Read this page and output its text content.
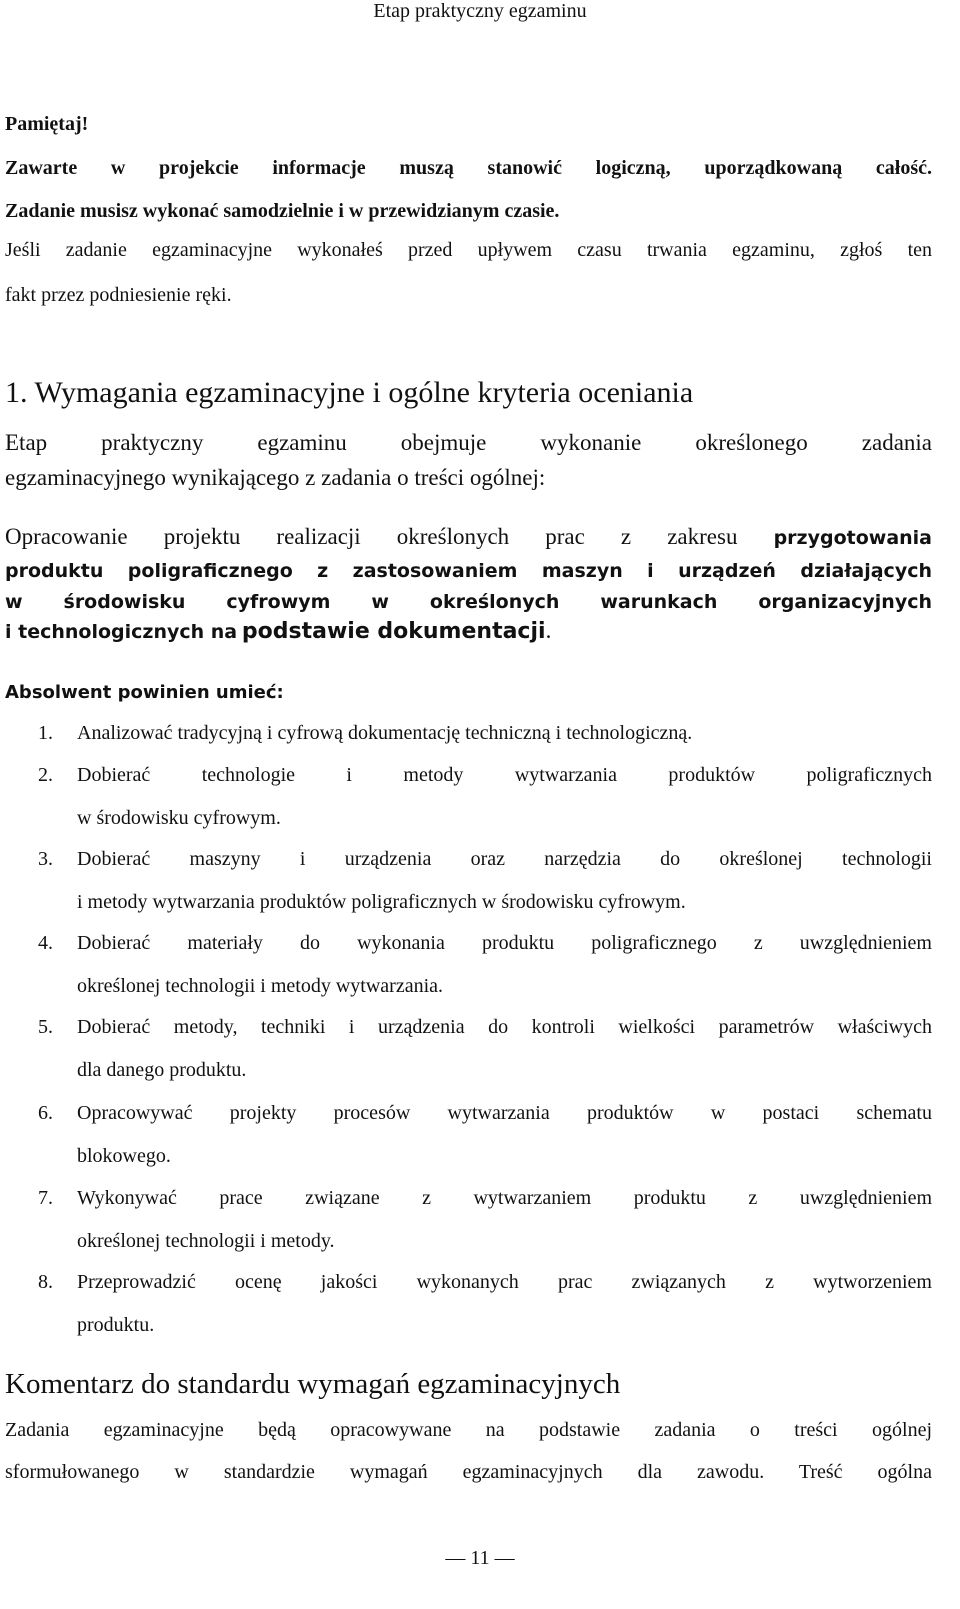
Etap praktyczny egzaminu
Pamiętaj!
Zawarte w projekcie informacje muszą stanowić logiczną, uporządkowaną całość.
Zadanie musisz wykonać samodzielnie i w przewidzianym czasie.
Jeśli zadanie egzaminacyjne wykonałeś przed upływem czasu trwania egzaminu, zgłoś ten
fakt przez podniesienie ręki.
1. Wymagania egzaminacyjne i ogólne kryteria oceniania
Etap praktyczny egzaminu obejmuje wykonanie określonego zadania
egzaminacyjnego wynikającego z zadania o treści ogólnej:
Opracowanie projektu realizacji określonych prac z zakresu przygotowania
produktu poligraficznego z zastosowaniem maszyn i urządzeń działających
w środowisku cyfrowym w określonych warunkach organizacyjnych
i technologicznych na podstawie dokumentacji.
Absolwent powinien umieć:
1.	Analizować tradycyjną i cyfrową dokumentację techniczną i technologiczną.
2.	Dobierać technologie i metody wytwarzania produktów poligraficznych
w środowisku cyfrowym.
3.	Dobierać maszyny i urządzenia oraz narzędzia do określonej technologii
i metody wytwarzania produktów poligraficznych w środowisku cyfrowym.
4.	Dobierać materiały do wykonania produktu poligraficznego z uwzględnieniem
określonej technologii i metody wytwarzania.
5.	Dobierać metody, techniki i urządzenia do kontroli wielkości parametrów właściwych
dla danego produktu.
6.	Opracowywać projekty procesów wytwarzania produktów w postaci schematu
blokowego.
7.	Wykonywać prace związane z wytwarzaniem produktu z uwzględnieniem
określonej technologii i metody.
8.	Przeprowadzić ocenę jakości wykonanych prac związanych z wytworzeniem
produktu.
Komentarz do standardu wymagań egzaminacyjnych
Zadania egzaminacyjne będą opracowywane na podstawie zadania o treści ogólnej
sformułowanego w standardzie wymagań egzaminacyjnych dla zawodu. Treść ogólna
— 11 —
